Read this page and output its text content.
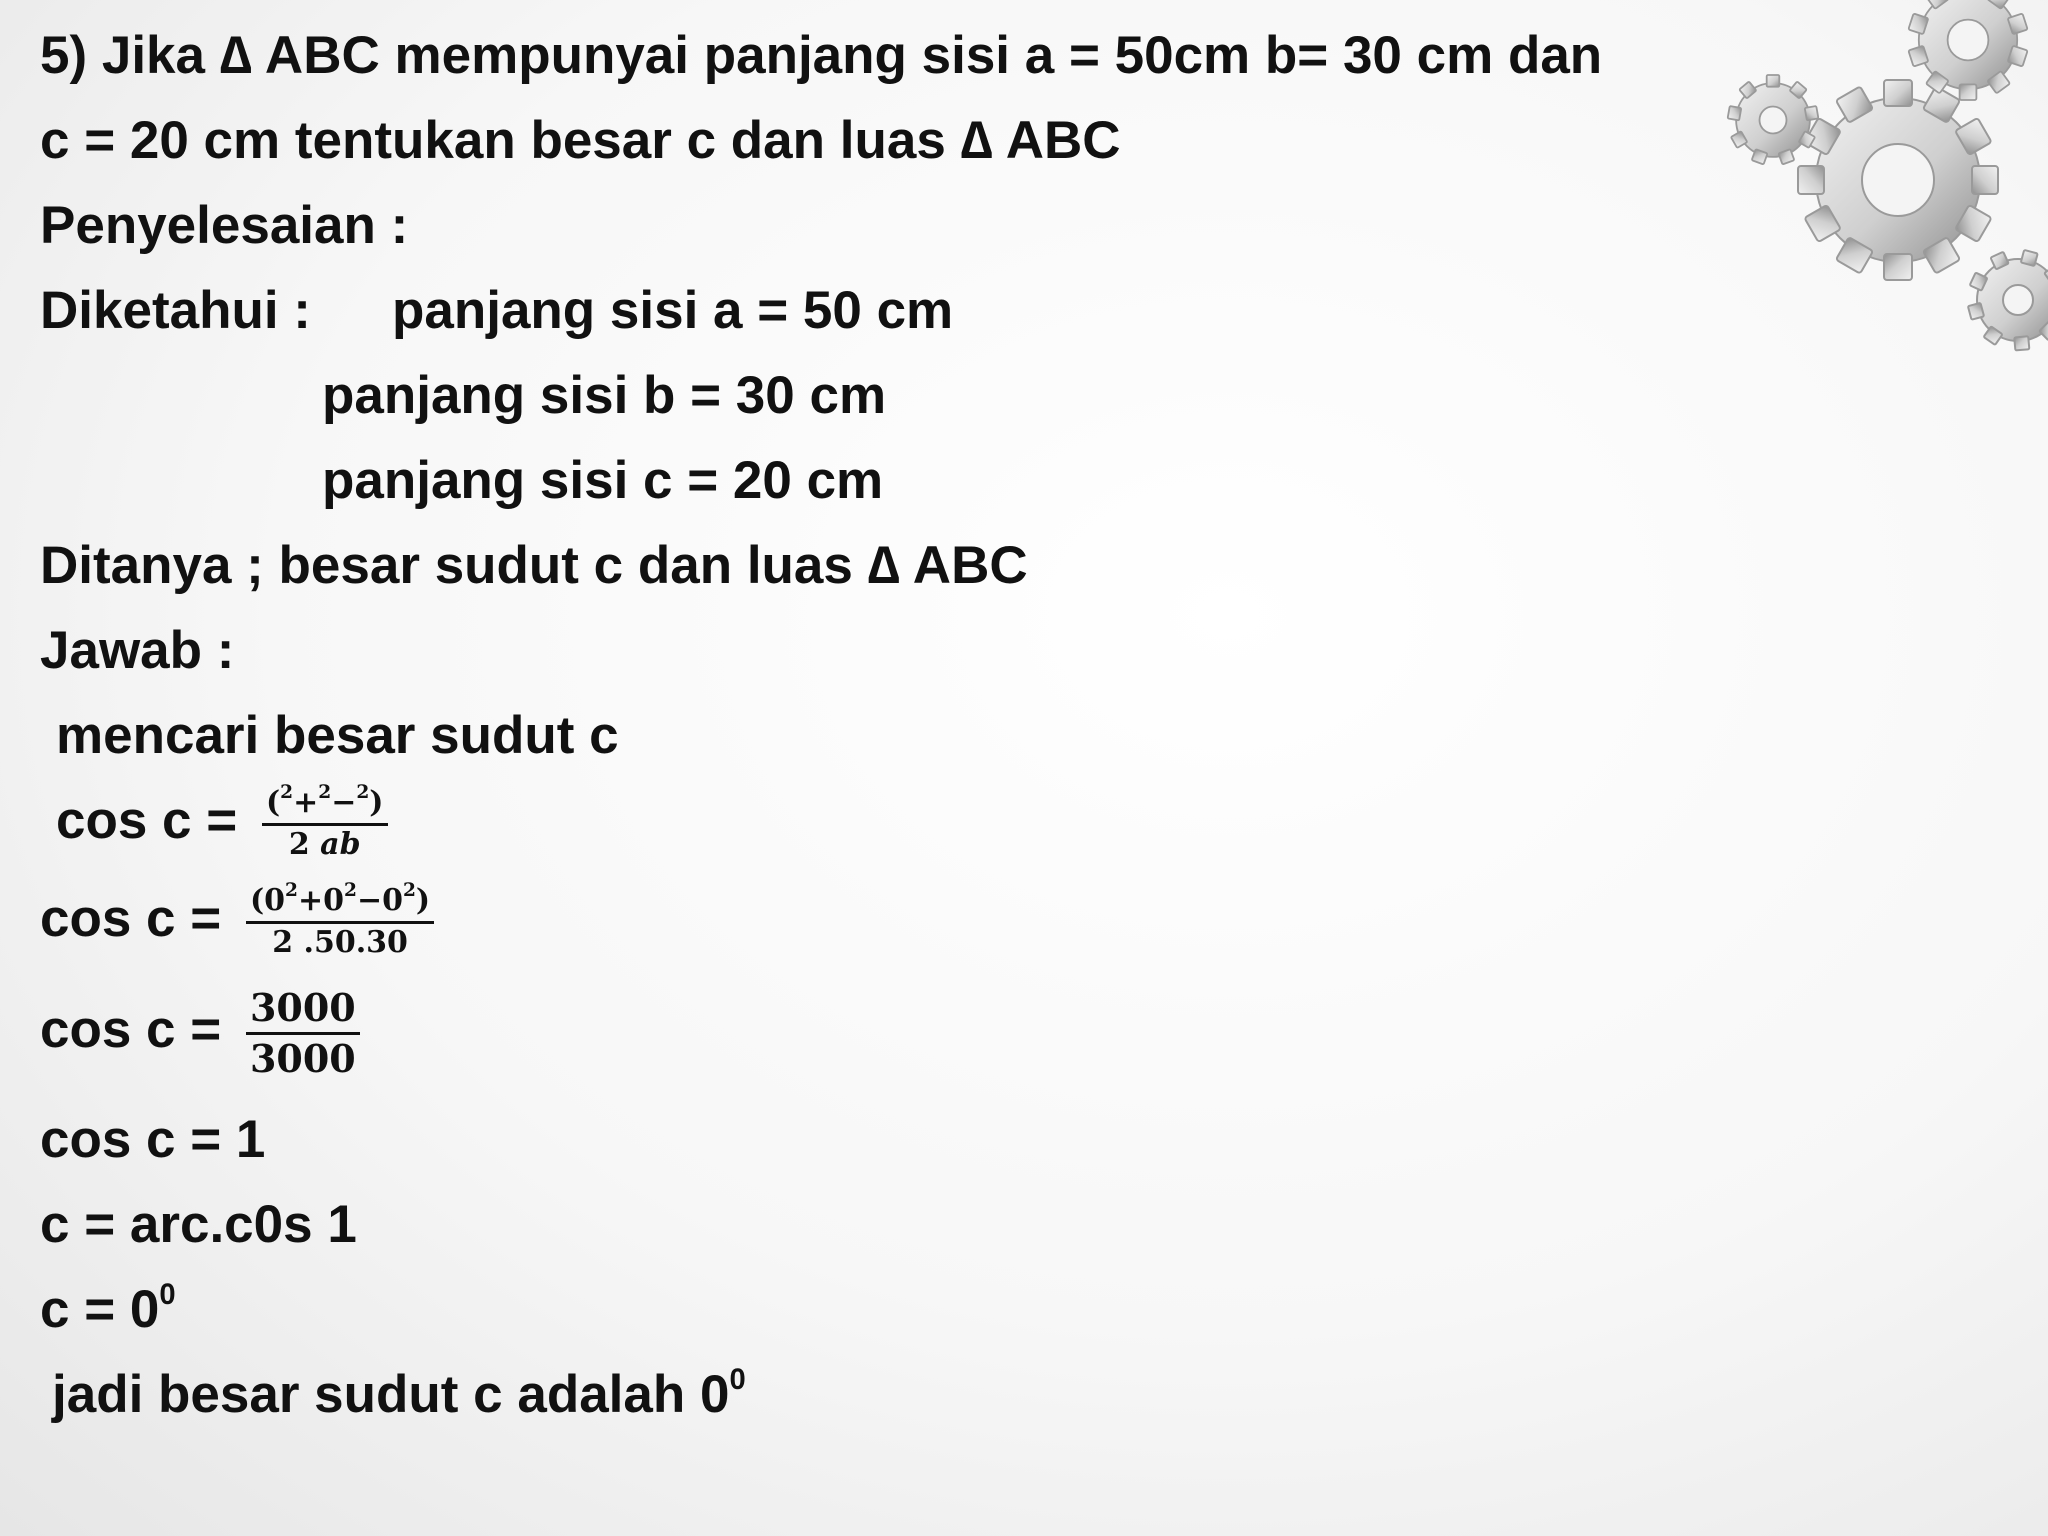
5) Jika ∆ ABC mempunyai panjang sisi a = 50cm b= 30 cm dan
c = 20 cm tentukan besar c dan luas ∆ ABC
Penyelesaian :
Diketahui : panjang sisi a = 50 cm
panjang sisi b = 30 cm
panjang sisi c = 20 cm
Ditanya ; besar sudut c dan luas ∆ ABC
Jawab :
mencari besar sudut c
$\cos c = \frac{(^2+^2-^2)}{2 ab}$
$\cos c = \frac{(0^2+0^2-0^2)}{2 .50.30}$
$\cos c = \frac{3000}{3000}$
cos c = 1
c = arc.c0s 1
$c = 0^0$
jadi besar sudut c adalah $0^0$
